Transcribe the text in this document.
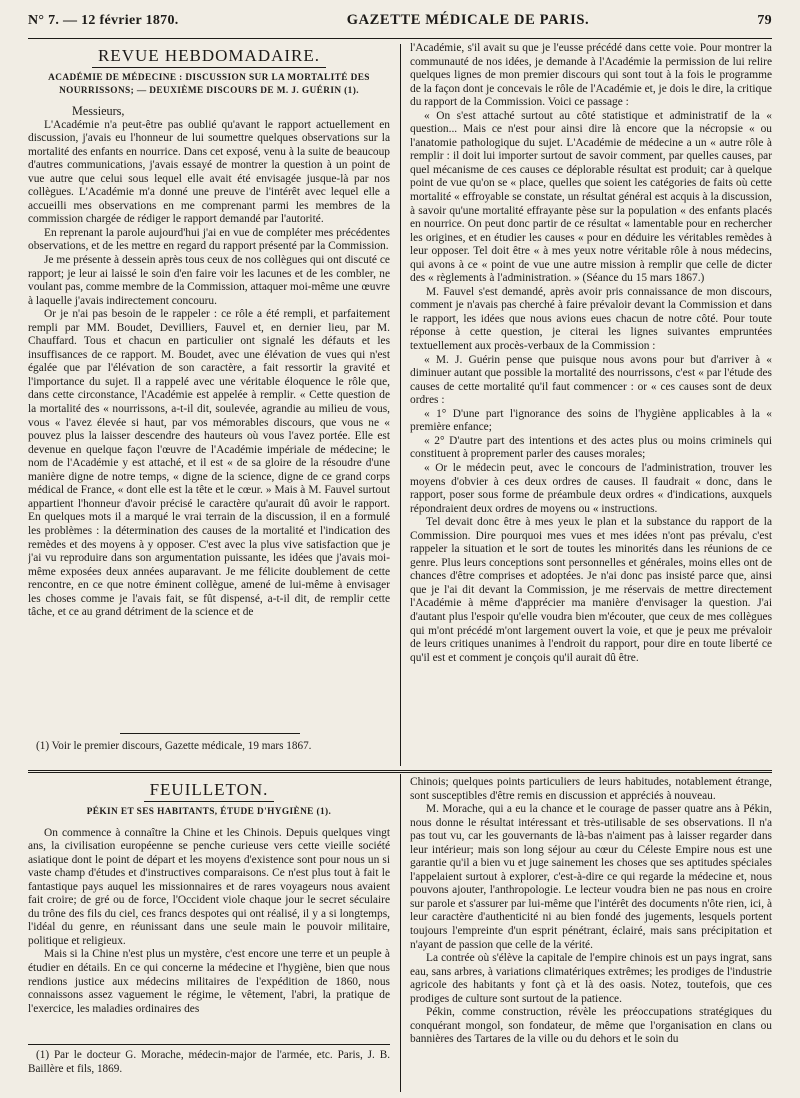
N° 7. — 12 février 1870.	GAZETTE MÉDICALE DE PARIS.	79
REVUE HEBDOMADAIRE.
ACADÉMIE DE MÉDECINE : DISCUSSION SUR LA MORTALITÉ DES NOURRISSONS; — DEUXIÈME DISCOURS DE M. J. GUÉRIN (1).

Messieurs,

L'Académie n'a peut-être pas oublié qu'avant le rapport actuellement en discussion, j'avais eu l'honneur de lui soumettre quelques observations sur la mortalité des enfants en nourrice. Dans cet exposé, venu à la suite de beaucoup d'autres communications, j'avais essayé de montrer la question à un point de vue autre que celui sous lequel elle avait été envisagée jusque-là par nos collègues. L'Académie m'a donné une preuve de l'intérêt avec lequel elle a accueilli mes observations en me comprenant parmi les membres de la commission chargée de rédiger le rapport demandé par l'autorité.

En reprenant la parole aujourd'hui j'ai en vue de compléter mes précédentes observations, et de les mettre en regard du rapport présenté par la Commission.

Je me présente à dessein après tous ceux de nos collègues qui ont discuté ce rapport; je leur ai laissé le soin d'en faire voir les lacunes et de les combler, ne voulant pas, comme membre de la Commission, attaquer moi-même une œuvre à laquelle j'avais indirectement concouru.

Or je n'ai pas besoin de le rappeler : ce rôle a été rempli, et parfaitement rempli par MM. Boudet, Devilliers, Fauvel et, en dernier lieu, par M. Chauffard. Tous et chacun en particulier ont signalé les défauts et les insuffisances de ce rapport. M. Boudet, avec une élévation de vues qui n'est égalée que par l'élévation de son caractère, a fait ressortir la gravité et l'importance du sujet. Il a rappelé avec une véritable éloquence le rôle que, dans cette circonstance, l'Académie est appelée à remplir. « Cette question de la mortalité des « nourrissons, a-t-il dit, soulevée, agrandie au milieu de vous, vous « l'avez élevée si haut, par vos mémorables discours, que vous ne « pouvez plus la laisser descendre des hauteurs où vous l'avez portée. Elle est devenue en quelque façon l'œuvre de l'Académie impériale de médecine; le nom de l'Académie y est attaché, et il est « de sa gloire de la résoudre d'une manière digne de notre temps, « digne de la science, digne de ce grand corps médical de France, « dont elle est la tête et le cœur. » Mais à M. Fauvel surtout appartient l'honneur d'avoir précisé le caractère qu'aurait dû avoir le rapport. En quelques mots il a marqué le vrai terrain de la discussion, il en a formulé les problèmes : la détermination des causes de la mortalité et l'indication des remèdes et des moyens à y opposer. C'est avec la plus vive satisfaction que je j'ai vu reproduire dans son argumentation puissante, les idées que j'avais moi-même exposées deux années auparavant. Je me félicite doublement de cette rencontre, en ce que notre éminent collègue, amené de lui-même à envisager les choses comme je l'avais fait, se fût dispensé, a-t-il dit, de remplir cette tâche, et ce au grand détriment de la science et de

(1) Voir le premier discours, Gazette médicale, 19 mars 1867.

l'Académie, s'il avait su que je l'eusse précédé dans cette voie. Pour montrer la communauté de nos idées, je demande à l'Académie la permission de lui relire quelques lignes de mon premier discours qui sont tout à la fois le programme de la façon dont je concevais le rôle de l'Académie et, je dois le dire, la critique du rapport de la Commission. Voici ce passage :

« On s'est attaché surtout au côté statistique et administratif de la « question... Mais ce n'est pour ainsi dire là encore que la nécropsie « ou l'anatomie pathologique du sujet. L'Académie de médecine a un « autre rôle à remplir : il doit lui importer surtout de savoir comment, par quelles causes, par quel mécanisme de ces causes ce déplorable résultat est produit; car à quelque point de vue qu'on se « place, quelles que soient les catégories de faits où cette mortalité « effroyable se constate, un résultat général est acquis à la discussion, à savoir qu'une mortalité effrayante pèse sur la population « des enfants placés en nourrice. On peut donc partir de ce résultat « lamentable pour en rechercher les origines, et en étudier les causes « pour en déduire les véritables remèdes à leur opposer. Tel doit être « à mes yeux notre véritable rôle à nous médecins, qui avons à ce « point de vue une autre mission à remplir que celle de dicter des « règlements à l'administration. » (Séance du 15 mars 1867.)

M. Fauvel s'est demandé, après avoir pris connaissance de mon discours, comment je n'avais pas cherché à faire prévaloir devant la Commission et dans le rapport, les idées que nous avions eues chacun de notre côté. Pour toute réponse à cette question, je citerai les lignes suivantes empruntées textuellement aux procès-verbaux de la Commission :

« M. J. Guérin pense que puisque nous avons pour but d'arriver à « diminuer autant que possible la mortalité des nourrissons, c'est « par l'étude des causes de cette mortalité qu'il faut commencer : or « ces causes sont de deux ordres :

« 1° D'une part l'ignorance des soins de l'hygiène applicables à la « première enfance;

« 2° D'autre part des intentions et des actes plus ou moins criminels qui constituent à proprement parler des causes morales;

« Or le médecin peut, avec le concours de l'administration, trouver les moyens d'obvier à ces deux ordres de causes. Il faudrait « donc, dans le rapport, poser sous forme de préambule deux ordres « d'indications, auxquels répondraient deux ordres de moyens ou « instructions.

Tel devait donc être à mes yeux le plan et la substance du rapport de la Commission. Dire pourquoi mes vues et mes idées n'ont pas prévalu, c'est rappeler la situation et le sort de toutes les minorités dans les réunions de ce genre. Plus leurs conceptions sont personnelles et générales, moins elles ont de chances d'être comprises et adoptées. Je n'ai donc pas insisté parce que, ainsi que je l'ai dit devant la Commission, je me réservais de mettre directement l'Académie à même d'apprécier ma manière d'envisager la question. J'ai d'autant plus l'espoir qu'elle voudra bien m'écouter, que ceux de mes collègues qui m'ont précédé m'ont largement ouvert la voie, et que je peux me prévaloir de leurs critiques unanimes à l'endroit du rapport, pour dire en toute liberté ce qu'il est et comment je conçois qu'il aurait dû être.

FEUILLETON.
PÉKIN ET SES HABITANTS, ÉTUDE D'HYGIÈNE (1).

On commence à connaître la Chine et les Chinois. Depuis quelques vingt ans, la civilisation européenne se penche curieuse vers cette vieille société asiatique dont le point de départ et les moyens d'existence sont pour nous un si vaste champ d'études et d'instructives comparaisons. Ce n'est plus tout à fait le fantastique pays auquel les missionnaires et de rares voyageurs nous avaient fait croire; de gré ou de force, l'Occident viole chaque jour le secret séculaire du trône des fils du ciel, ces francs despotes qui ont réalisé, il y a si longtemps, l'idéal du genre, en réunissant dans une seule main le pouvoir militaire, politique et religieux.

Mais si la Chine n'est plus un mystère, c'est encore une terre et un peuple à étudier en détails. En ce qui concerne la médecine et l'hygiène, bien que nous rendions justice aux médecins militaires de l'expédition de 1860, nous connaissons assez vaguement le régime, le vêtement, l'abri, la pratique de l'exercice, les maladies ordinaires des

(1) Par le docteur G. Morache, médecin-major de l'armée, etc. Paris, J. B. Baillère et fils, 1869.

Chinois; quelques points particuliers de leurs habitudes, notablement étrange, sont susceptibles d'être remis en discussion et appréciés à nouveau.

M. Morache, qui a eu la chance et le courage de passer quatre ans à Pékin, nous donne le résultat intéressant et très-utilisable de ses observations. Il n'a pas tout vu, car les gouvernants de là-bas n'aiment pas à laisser regarder dans leur intérieur; mais son long séjour au cœur du Céleste Empire nous est une garantie qu'il a bien vu et juge sainement les choses que ses aptitudes spéciales l'appelaient surtout à explorer, c'est-à-dire ce qui regarde la médecine et, nous pouvons ajouter, l'anthropologie. Le lecteur voudra bien ne pas nous en croire sur parole et s'assurer par lui-même que l'intérêt des documents n'ôte rien, ici, à leur caractère d'authenticité ni au bien fondé des jugements, lesquels portent toujours l'empreinte d'un esprit pénétrant, éclairé, mais sans précipitation et n'ayant de passion que celle de la vérité.

La contrée où s'élève la capitale de l'empire chinois est un pays ingrat, sans eau, sans arbres, à variations climatériques extrêmes; les prodiges de l'industrie agricole des habitants y font çà et là des oasis. Notez, toutefois, que ces prodiges de culture sont surtout de la patience.

Pékin, comme construction, révèle les préoccupations stratégiques du conquérant mongol, son fondateur, de même que l'organisation en clans ou bannières des Tartares de la ville ou du dehors et le soin du
